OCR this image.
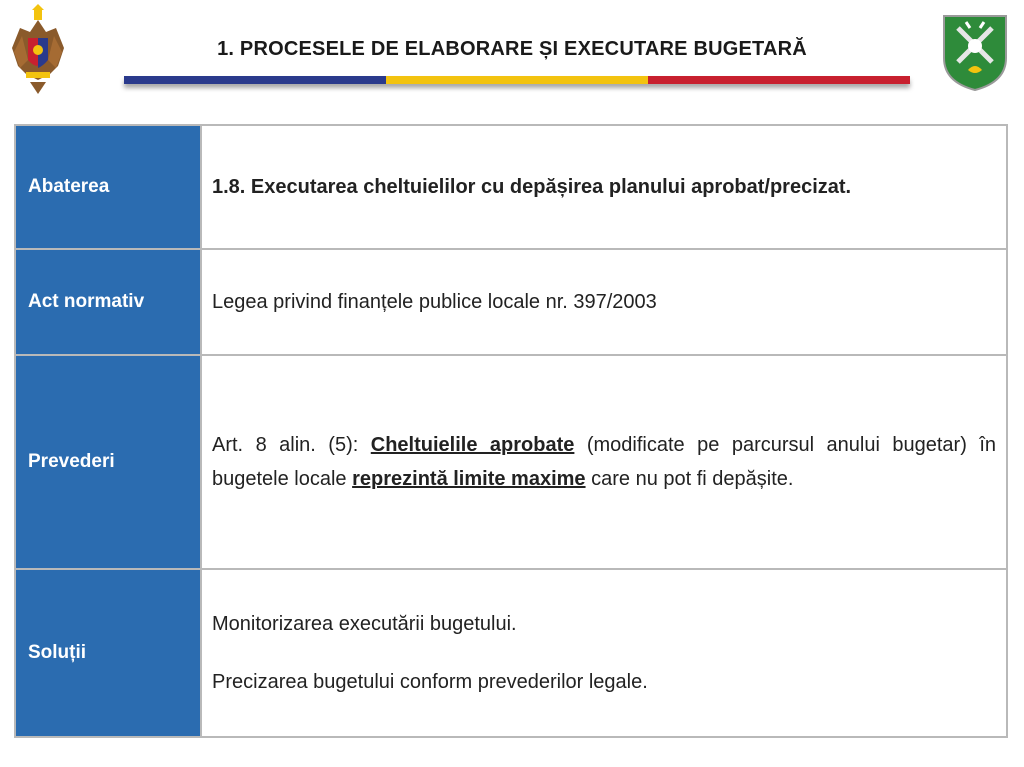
1. PROCESELE DE ELABORARE ȘI EXECUTARE BUGETARĂ
Abaterea	1.8. Executarea cheltuielilor cu depășirea planului aprobat/precizat.
Act normativ	Legea privind finanțele publice locale nr. 397/2003
Prevederi	Art. 8 alin. (5): Cheltuielile aprobate (modificate pe parcursul anului bugetar) în bugetele locale reprezintă limite maxime care nu pot fi depășite.
Soluții	Monitorizarea executării bugetului.

Precizarea bugetului conform prevederilor legale.
